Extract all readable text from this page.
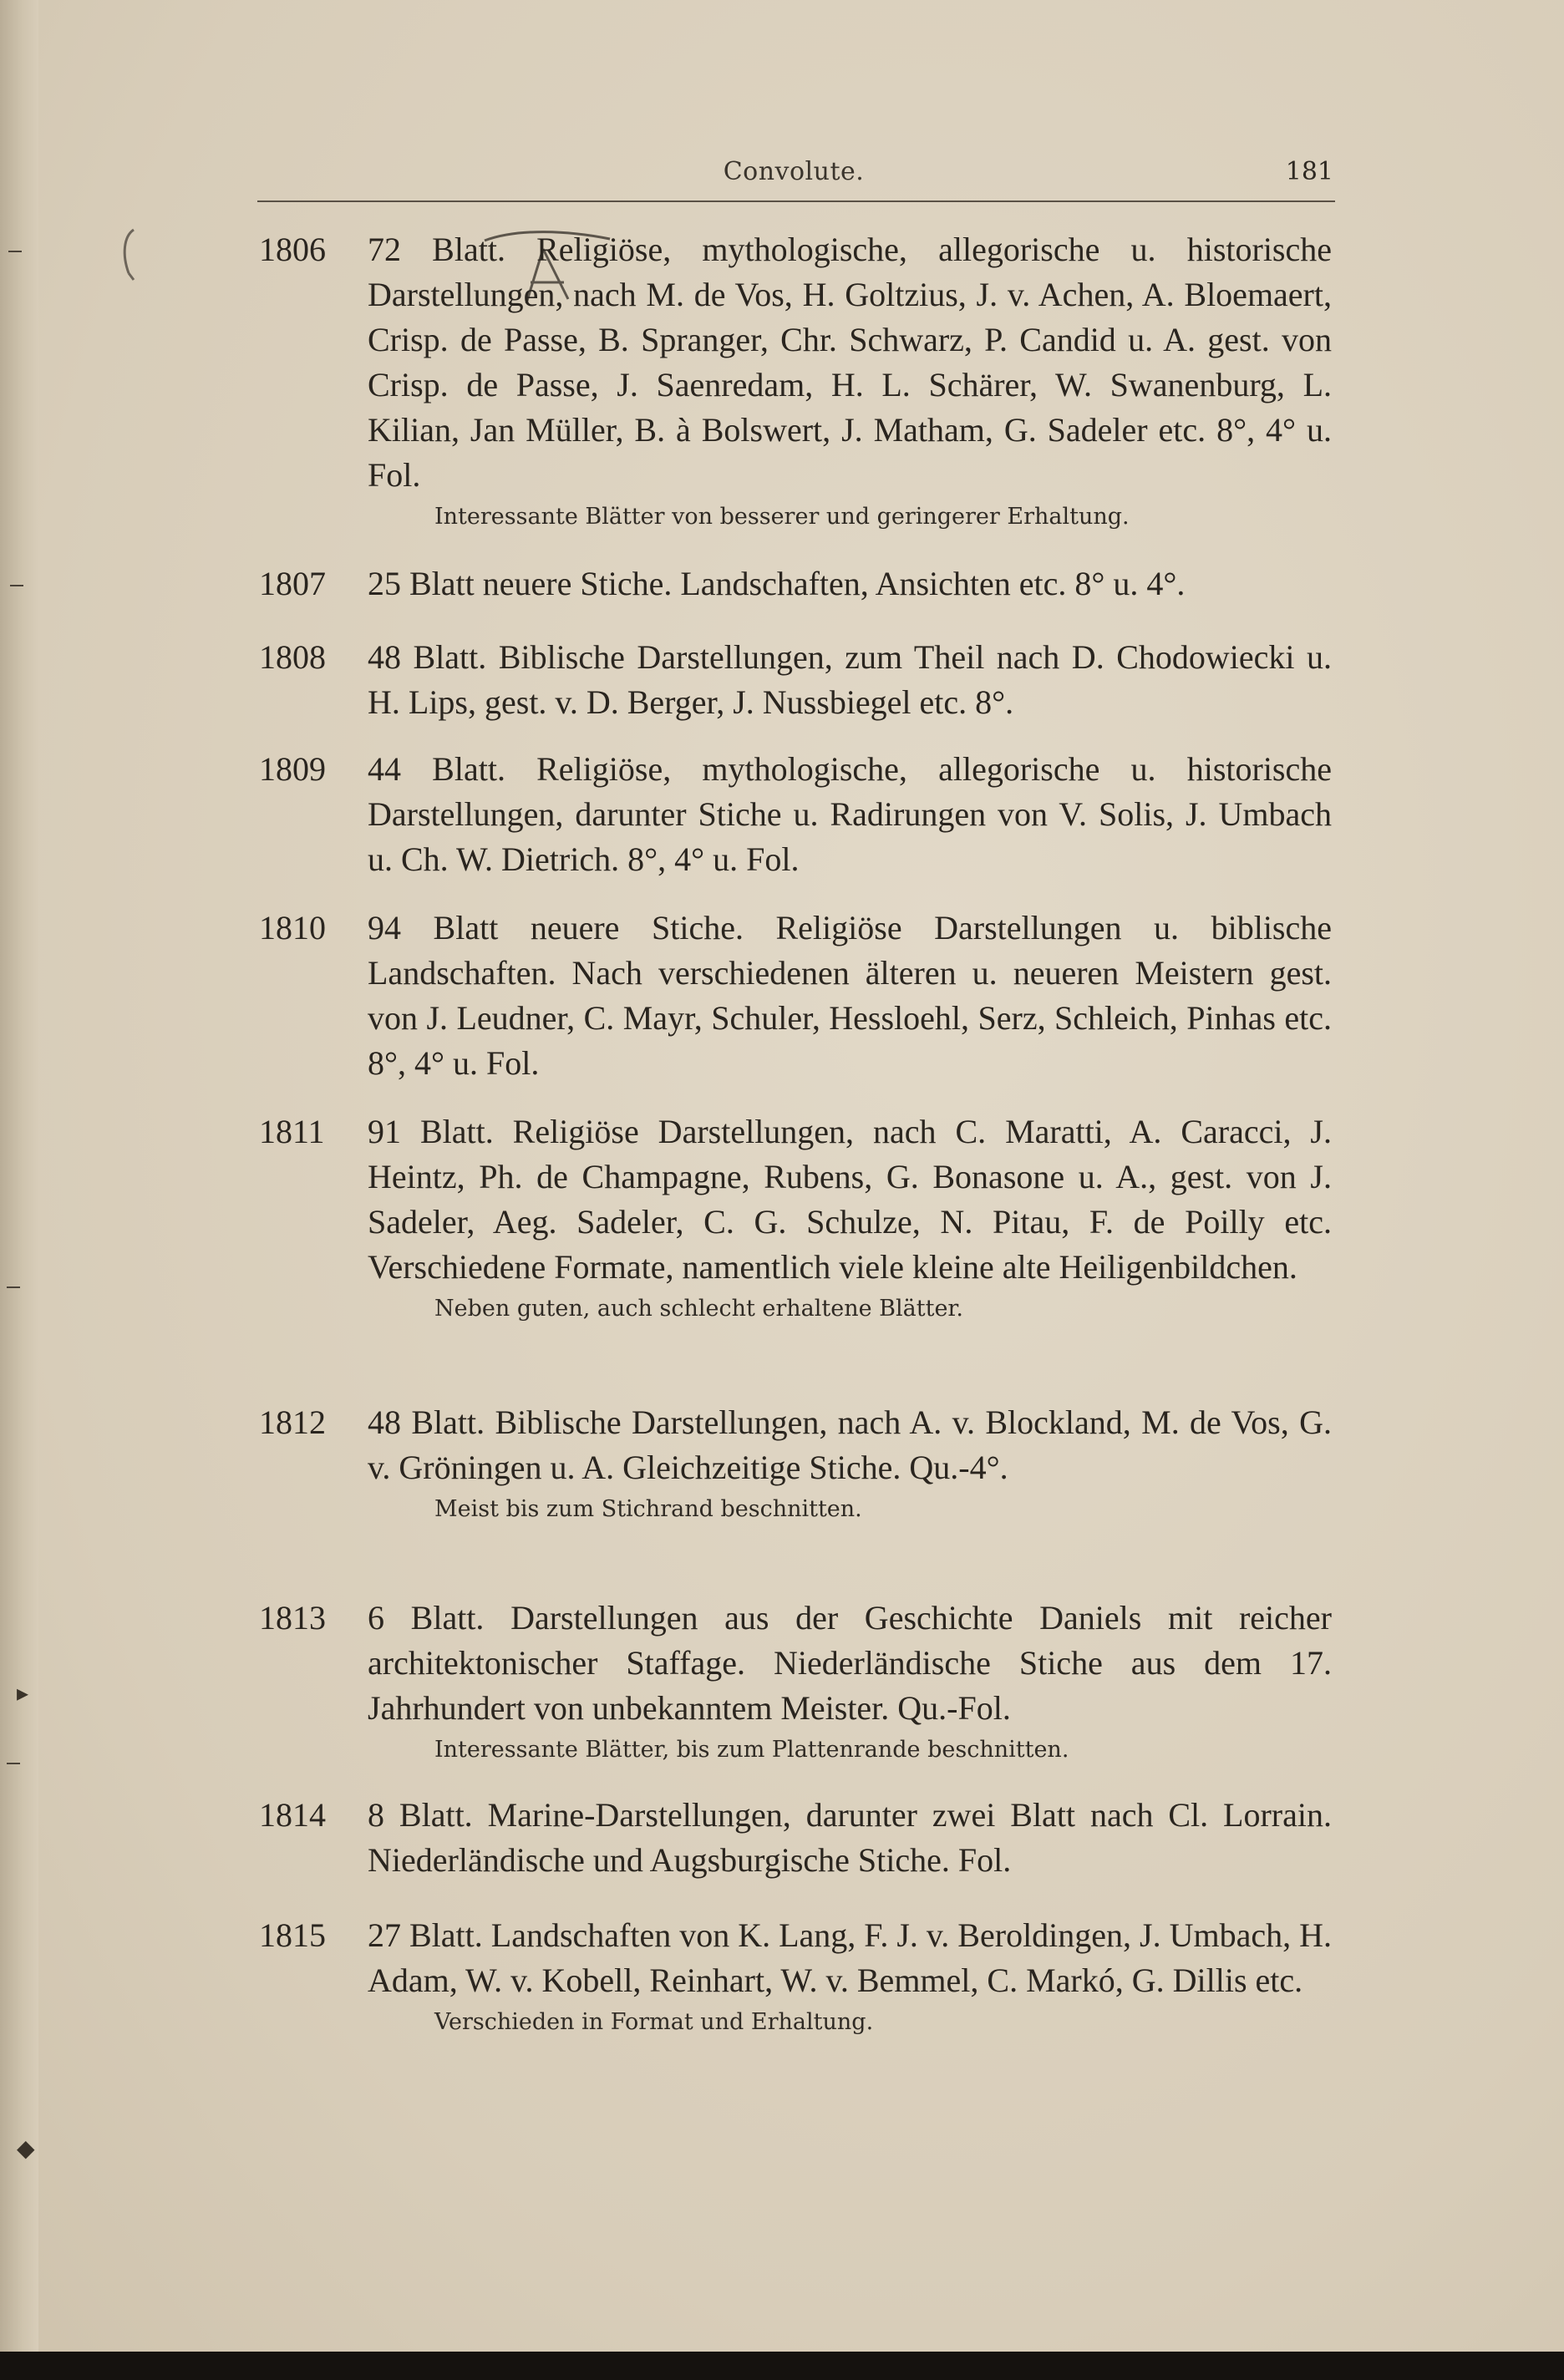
Convolute.	181
▸
◆
1806	72 Blatt. Religiöse, mythologische, allegorische u. historische Darstellungen, nach M. de Vos, H. Goltzius, J. v. Achen, A. Bloemaert, Crisp. de Passe, B. Spranger, Chr. Schwarz, P. Candid u. A. gest. von Crisp. de Passe, J. Saenredam, H. L. Schärer, W. Swanenburg, L. Kilian, Jan Müller, B. à Bolswert, J. Matham, G. Sadeler etc. 8°, 4° u. Fol.
Interessante Blätter von besserer und geringerer Erhaltung.
1807	25 Blatt neuere Stiche. Landschaften, Ansichten etc. 8° u. 4°.
1808	48 Blatt. Biblische Darstellungen, zum Theil nach D. Chodowiecki u. H. Lips, gest. v. D. Berger, J. Nussbiegel etc. 8°.
1809	44 Blatt. Religiöse, mythologische, allegorische u. historische Darstellungen, darunter Stiche u. Radirungen von V. Solis, J. Umbach u. Ch. W. Dietrich. 8°, 4° u. Fol.
1810	94 Blatt neuere Stiche. Religiöse Darstellungen u. biblische Landschaften. Nach verschiedenen älteren u. neueren Meistern gest. von J. Leudner, C. Mayr, Schuler, Hessloehl, Serz, Schleich, Pinhas etc. 8°, 4° u. Fol.
1811	91 Blatt. Religiöse Darstellungen, nach C. Maratti, A. Caracci, J. Heintz, Ph. de Champagne, Rubens, G. Bonasone u. A., gest. von J. Sadeler, Aeg. Sadeler, C. G. Schulze, N. Pitau, F. de Poilly etc. Verschiedene Formate, namentlich viele kleine alte Heiligenbildchen.
Neben guten, auch schlecht erhaltene Blätter.
1812	48 Blatt. Biblische Darstellungen, nach A. v. Blockland, M. de Vos, G. v. Gröningen u. A. Gleichzeitige Stiche. Qu.-4°.
Meist bis zum Stichrand beschnitten.
1813	6 Blatt. Darstellungen aus der Geschichte Daniels mit reicher architektonischer Staffage. Niederländische Stiche aus dem 17. Jahrhundert von unbekanntem Meister. Qu.-Fol.
Interessante Blätter, bis zum Plattenrande beschnitten.
1814	8 Blatt. Marine-Darstellungen, darunter zwei Blatt nach Cl. Lorrain. Niederländische und Augsburgische Stiche. Fol.
1815	27 Blatt. Landschaften von K. Lang, F. J. v. Beroldingen, J. Umbach, H. Adam, W. v. Kobell, Reinhart, W. v. Bemmel, C. Markó, G. Dillis etc.
Verschieden in Format und Erhaltung.
